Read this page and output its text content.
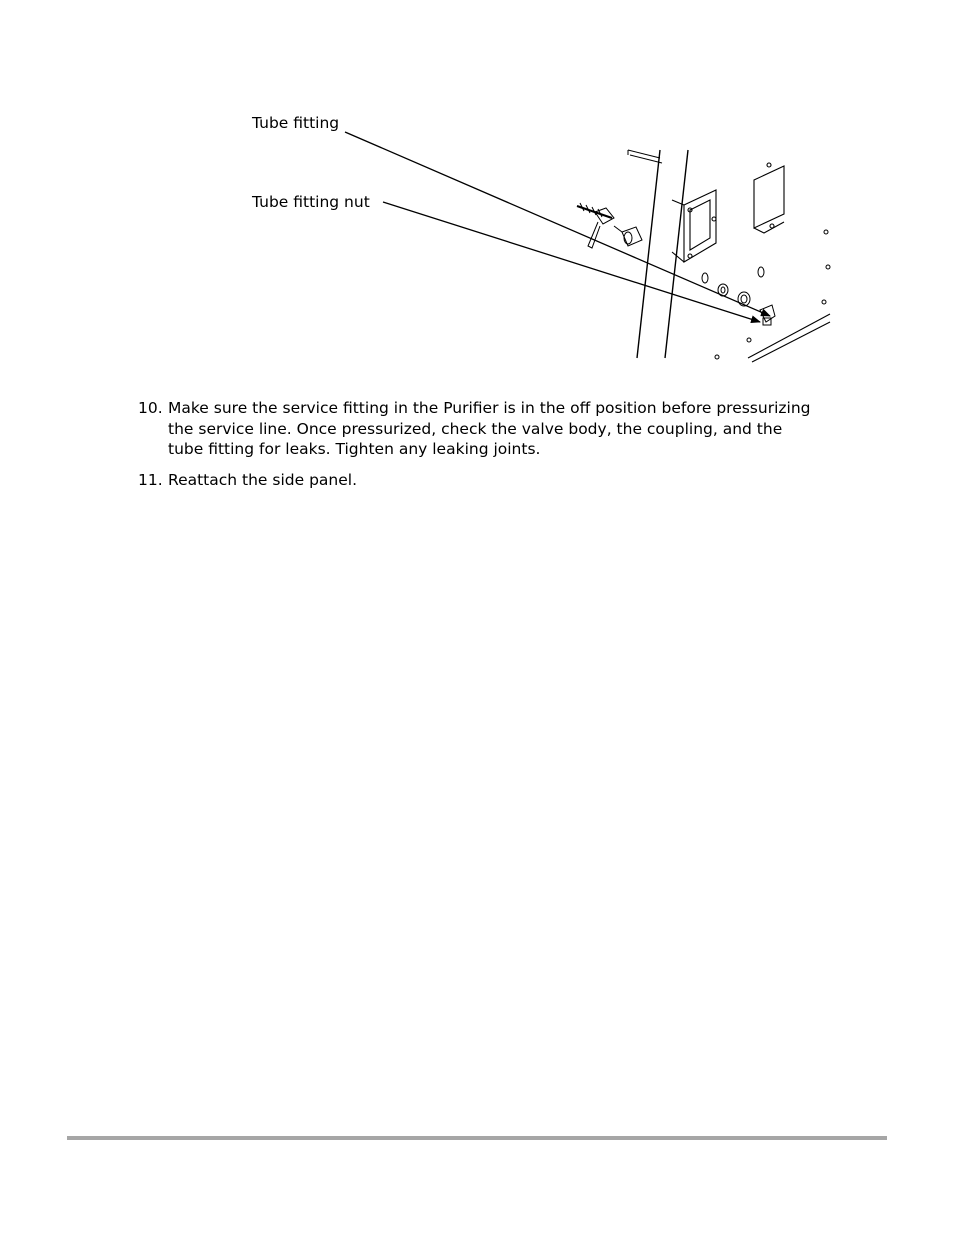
Tube fitting
Tube fitting nut
10. Make sure the service fitting in the Purifier is in the off position before pressurizing the service line. Once pressurized, check the valve body, the coupling, and the tube fitting for leaks. Tighten any leaking joints.
11. Reattach the side panel.
